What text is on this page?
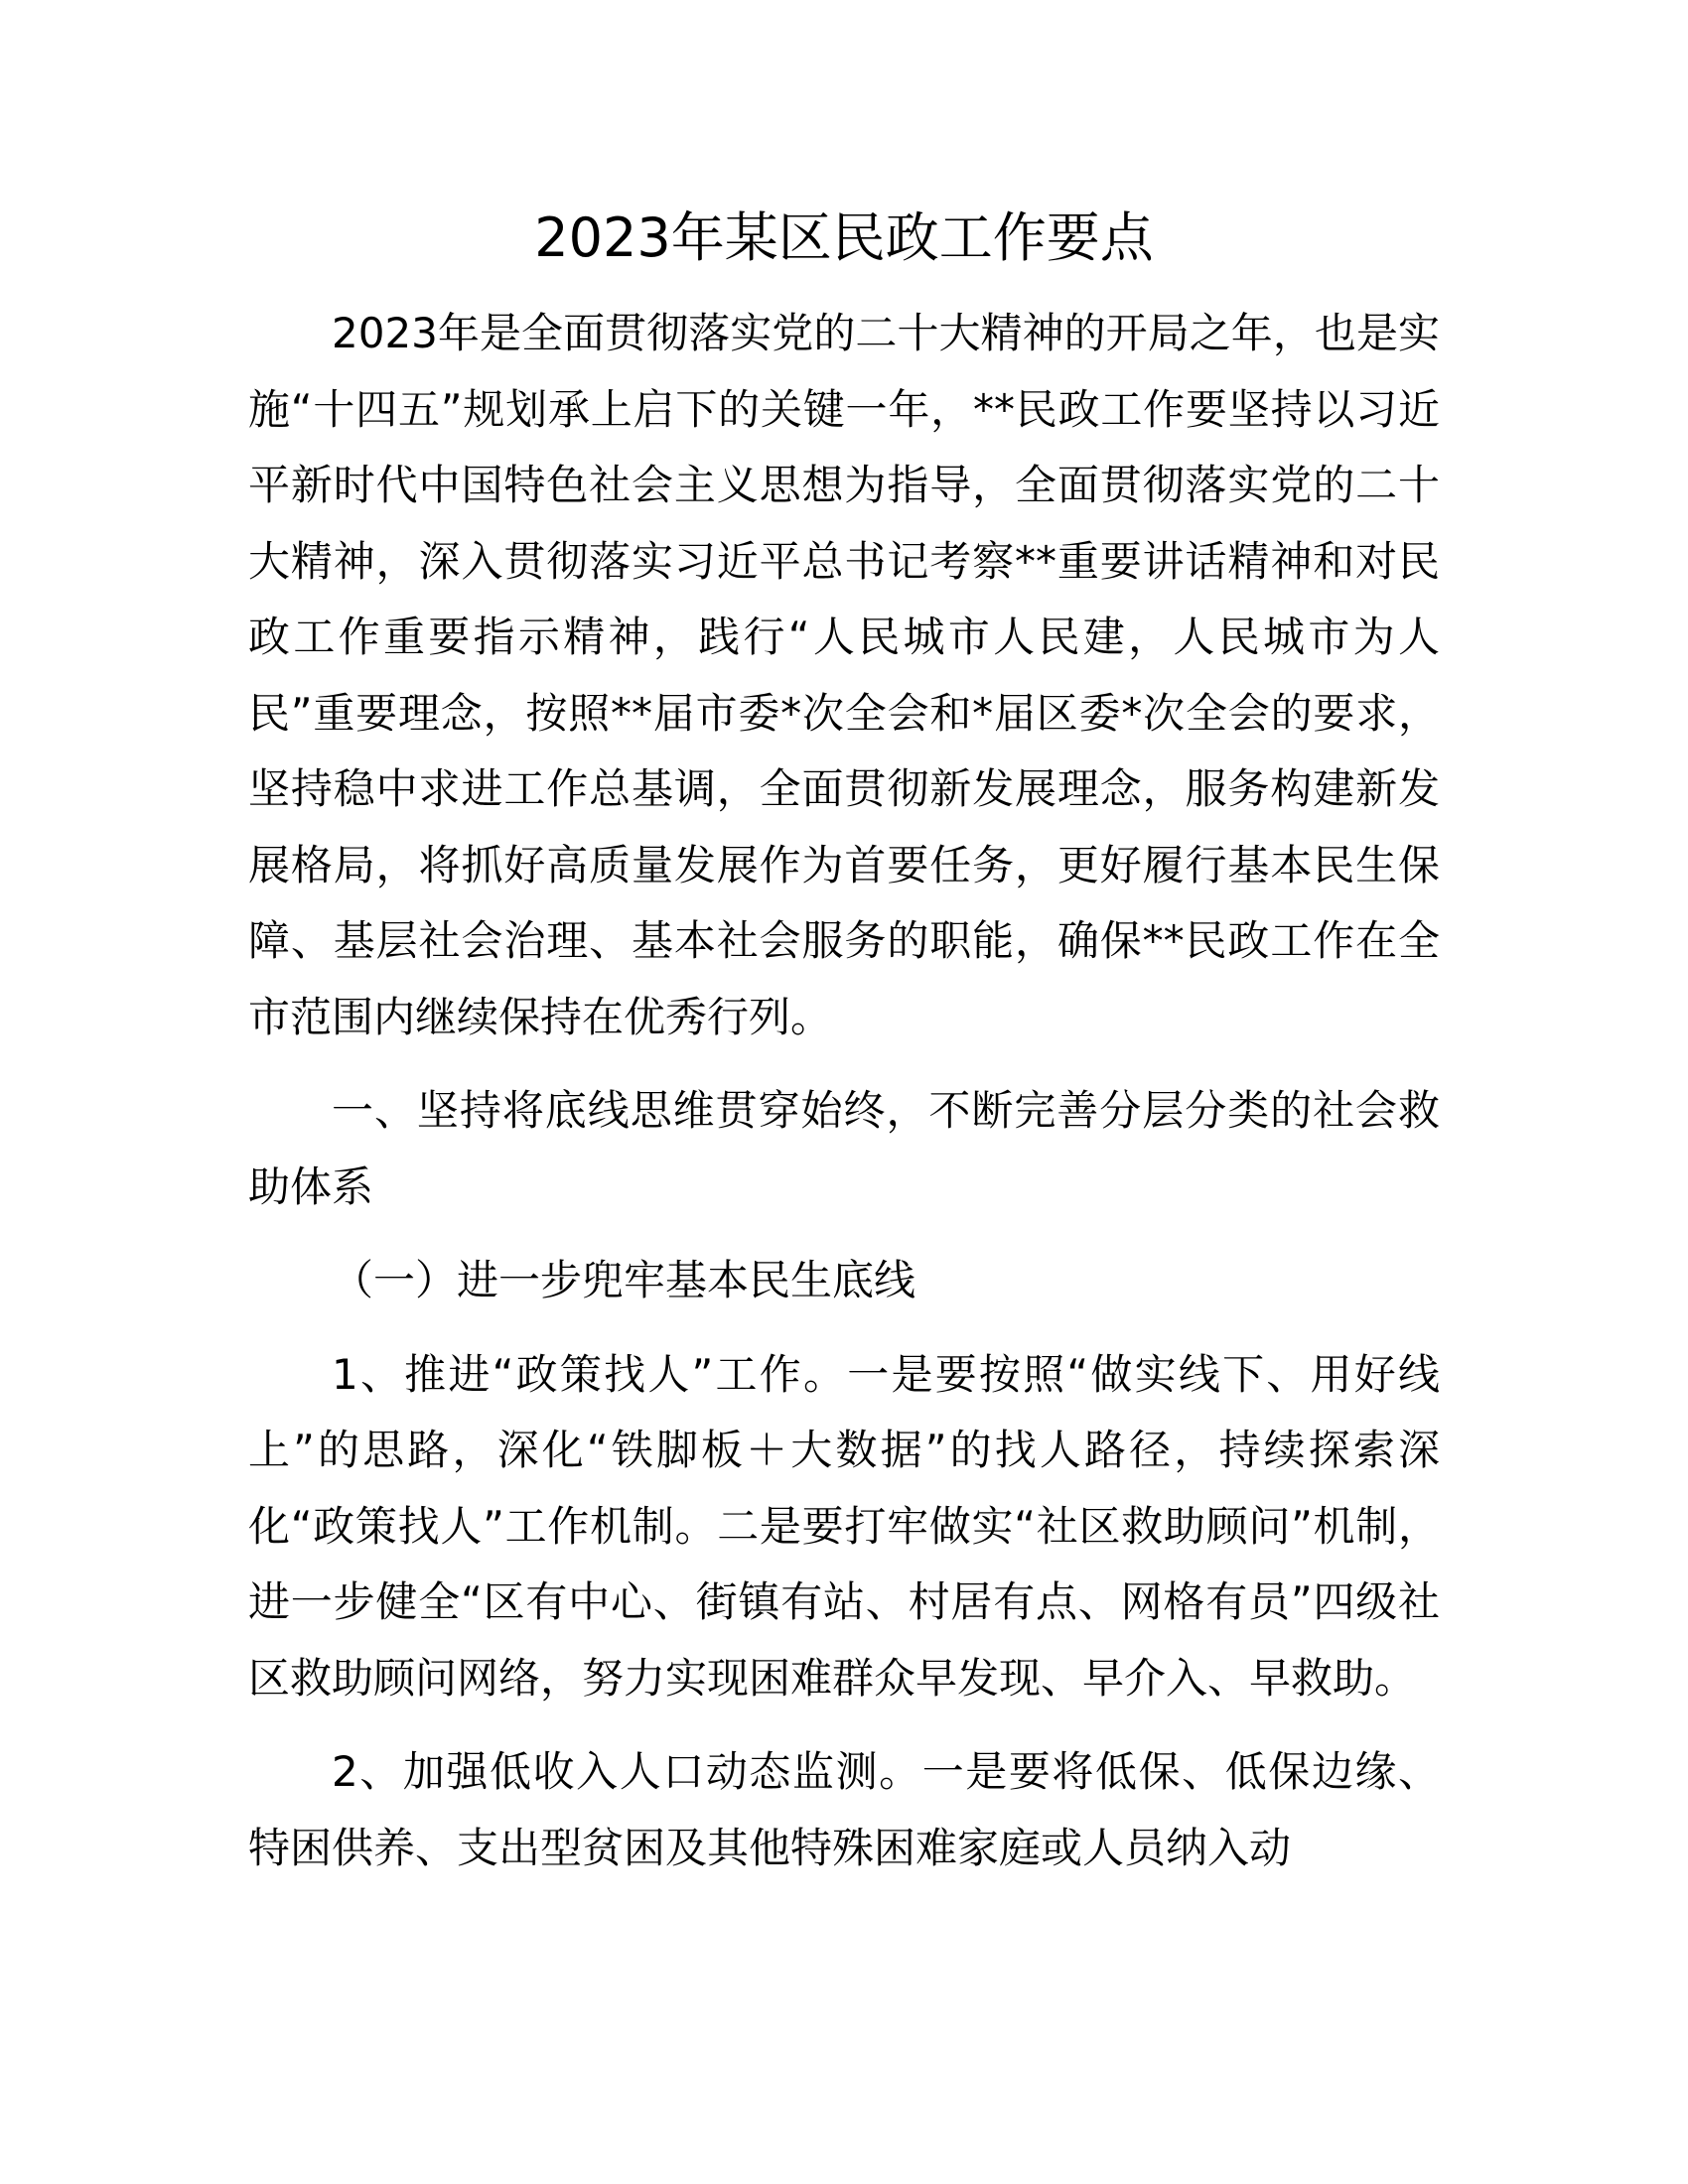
2023年某区民政工作要点

2023年是全面贯彻落实党的二十大精神的开局之年，也是实施“十四五”规划承上启下的关键一年，**民政工作要坚持以习近平新时代中国特色社会主义思想为指导，全面贯彻落实党的二十大精神，深入贯彻落实习近平总书记考察**重要讲话精神和对民政工作重要指示精神，践行“人民城市人民建，人民城市为人民”重要理念，按照**届市委*次全会和*届区委*次全会的要求，坚持稳中求进工作总基调，全面贯彻新发展理念，服务构建新发展格局，将抓好高质量发展作为首要任务，更好履行基本民生保障、基层社会治理、基本社会服务的职能，确保**民政工作在全市范围内继续保持在优秀行列。

一、坚持将底线思维贯穿始终，不断完善分层分类的社会救助体系

（一）进一步兜牢基本民生底线

1、推进“政策找人”工作。一是要按照“做实线下、用好线上”的思路，深化“铁脚板＋大数据”的找人路径，持续探索深化“政策找人”工作机制。二是要打牢做实“社区救助顾问”机制，进一步健全“区有中心、街镇有站、村居有点、网格有员”四级社区救助顾问网络，努力实现困难群众早发现、早介入、早救助。

2、加强低收入人口动态监测。一是要将低保、低保边缘、特困供养、支出型贫困及其他特殊困难家庭或人员纳入动
